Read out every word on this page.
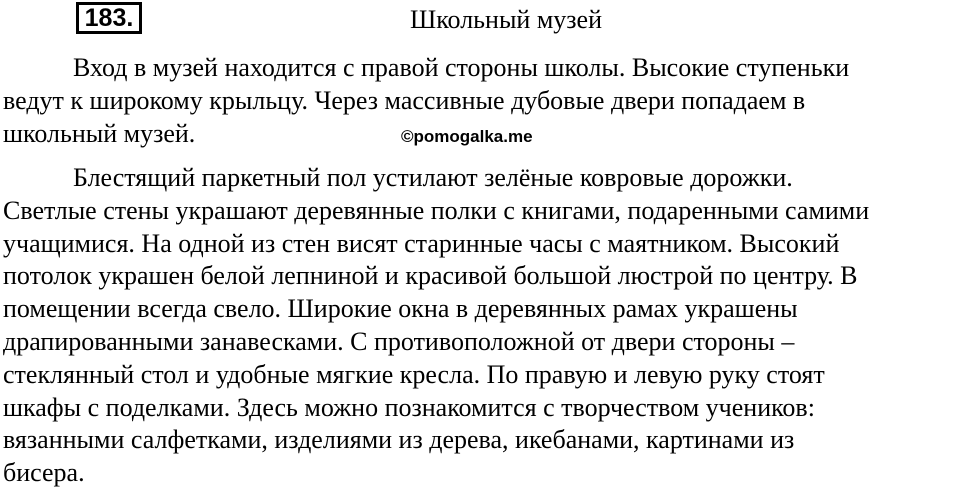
183.	Школьный музей

Вход в музей находится с правой стороны школы. Высокие ступеньки
ведут к широкому крыльцу. Через массивные дубовые двери попадаем в
школьный музей.	©pomogalka.me

Блестящий паркетный пол устилают зелёные ковровые дорожки.
Светлые стены украшают деревянные полки с книгами, подаренными самими
учащимися. На одной из стен висят старинные часы с маятником. Высокий
потолок украшен белой лепниной и красивой большой люстрой по центру. В
помещении всегда свело. Широкие окна в деревянных рамах украшены
драпированными занавесками. С противоположной от двери стороны –
стеклянный стол и удобные мягкие кресла. По правую и левую руку стоят
шкафы с поделками. Здесь можно познакомится с творчеством учеников:
вязанными салфетками, изделиями из дерева, икебанами, картинами из
бисера.
